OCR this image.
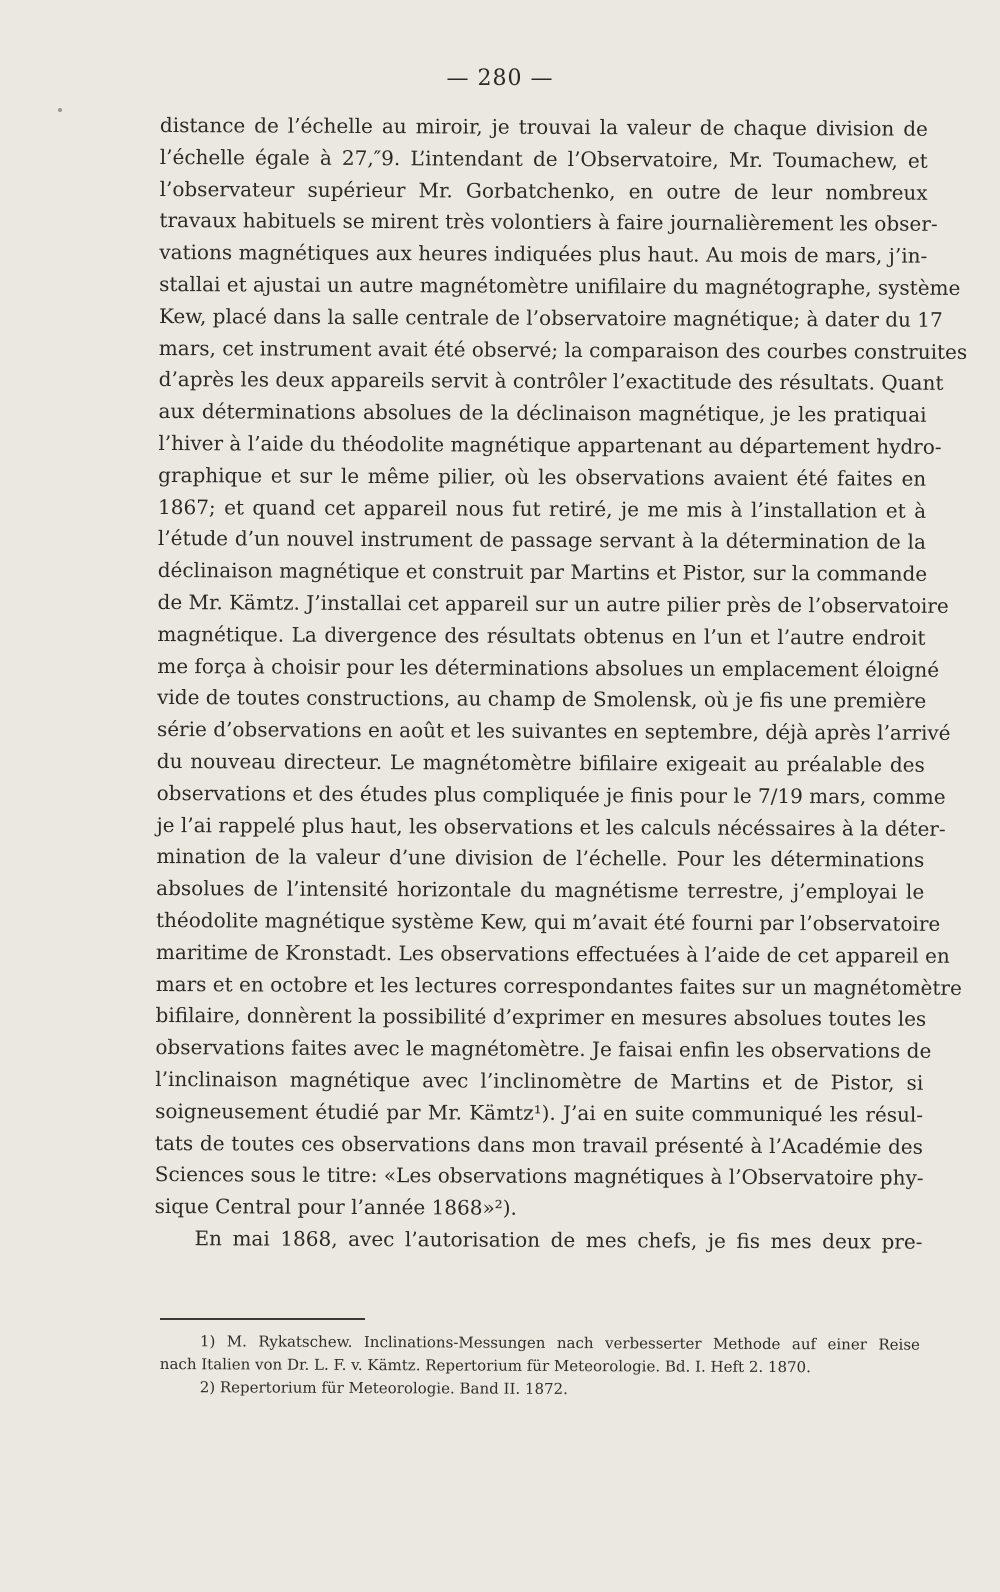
— 280 —
distance de l’échelle au miroir, je trouvai la valeur de chaque division de
l’échelle égale à 27,″9. L’intendant de l’Observatoire, Mr. Toumachew, et
l’observateur supérieur Mr. Gorbatchenko, en outre de leur nombreux
travaux habituels se mirent très volontiers à faire journalièrement les obser-
vations magnétiques aux heures indiquées plus haut. Au mois de mars, j’in-
stallai et ajustai un autre magnétomètre unifilaire du magnétographe, système
Kew, placé dans la salle centrale de l’observatoire magnétique; à dater du 17
mars, cet instrument avait été observé; la comparaison des courbes construites
d’après les deux appareils servit à contrôler l’exactitude des résultats. Quant
aux déterminations absolues de la déclinaison magnétique, je les pratiquai
l’hiver à l’aide du théodolite magnétique appartenant au département hydro-
graphique et sur le même pilier, où les observations avaient été faites en
1867; et quand cet appareil nous fut retiré, je me mis à l’installation et à
l’étude d’un nouvel instrument de passage servant à la détermination de la
déclinaison magnétique et construit par Martins et Pistor, sur la commande
de Mr. Kämtz. J’installai cet appareil sur un autre pilier près de l’observatoire
magnétique. La divergence des résultats obtenus en l’un et l’autre endroit
me força à choisir pour les déterminations absolues un emplacement éloigné
vide de toutes constructions, au champ de Smolensk, où je fis une première
série d’observations en août et les suivantes en septembre, déjà après l’arrivé
du nouveau directeur. Le magnétomètre bifilaire exigeait au préalable des
observations et des études plus compliquée je finis pour le 7/19 mars, comme
je l’ai rappelé plus haut, les observations et les calculs nécéssaires à la déter-
mination de la valeur d’une division de l’échelle. Pour les déterminations
absolues de l’intensité horizontale du magnétisme terrestre, j’employai le
théodolite magnétique système Kew, qui m’avait été fourni par l’observatoire
maritime de Kronstadt. Les observations effectuées à l’aide de cet appareil en
mars et en octobre et les lectures correspondantes faites sur un magnétomètre
bifilaire, donnèrent la possibilité d’exprimer en mesures absolues toutes les
observations faites avec le magnétomètre. Je faisai enfin les observations de
l’inclinaison magnétique avec l’inclinomètre de Martins et de Pistor, si
soigneusement étudié par Mr. Kämtz¹). J’ai en suite communiqué les résul-
tats de toutes ces observations dans mon travail présenté à l’Académie des
Sciences sous le titre: «Les observations magnétiques à l’Observatoire phy-
sique Central pour l’année 1868»²).
En mai 1868, avec l’autorisation de mes chefs, je fis mes deux pre-
1) M. Rykatschew. Inclinations-Messungen nach verbesserter Methode auf einer Reise
nach Italien von Dr. L. F. v. Kämtz. Repertorium für Meteorologie. Bd. I. Heft 2. 1870.
2) Repertorium für Meteorologie. Band II. 1872.
